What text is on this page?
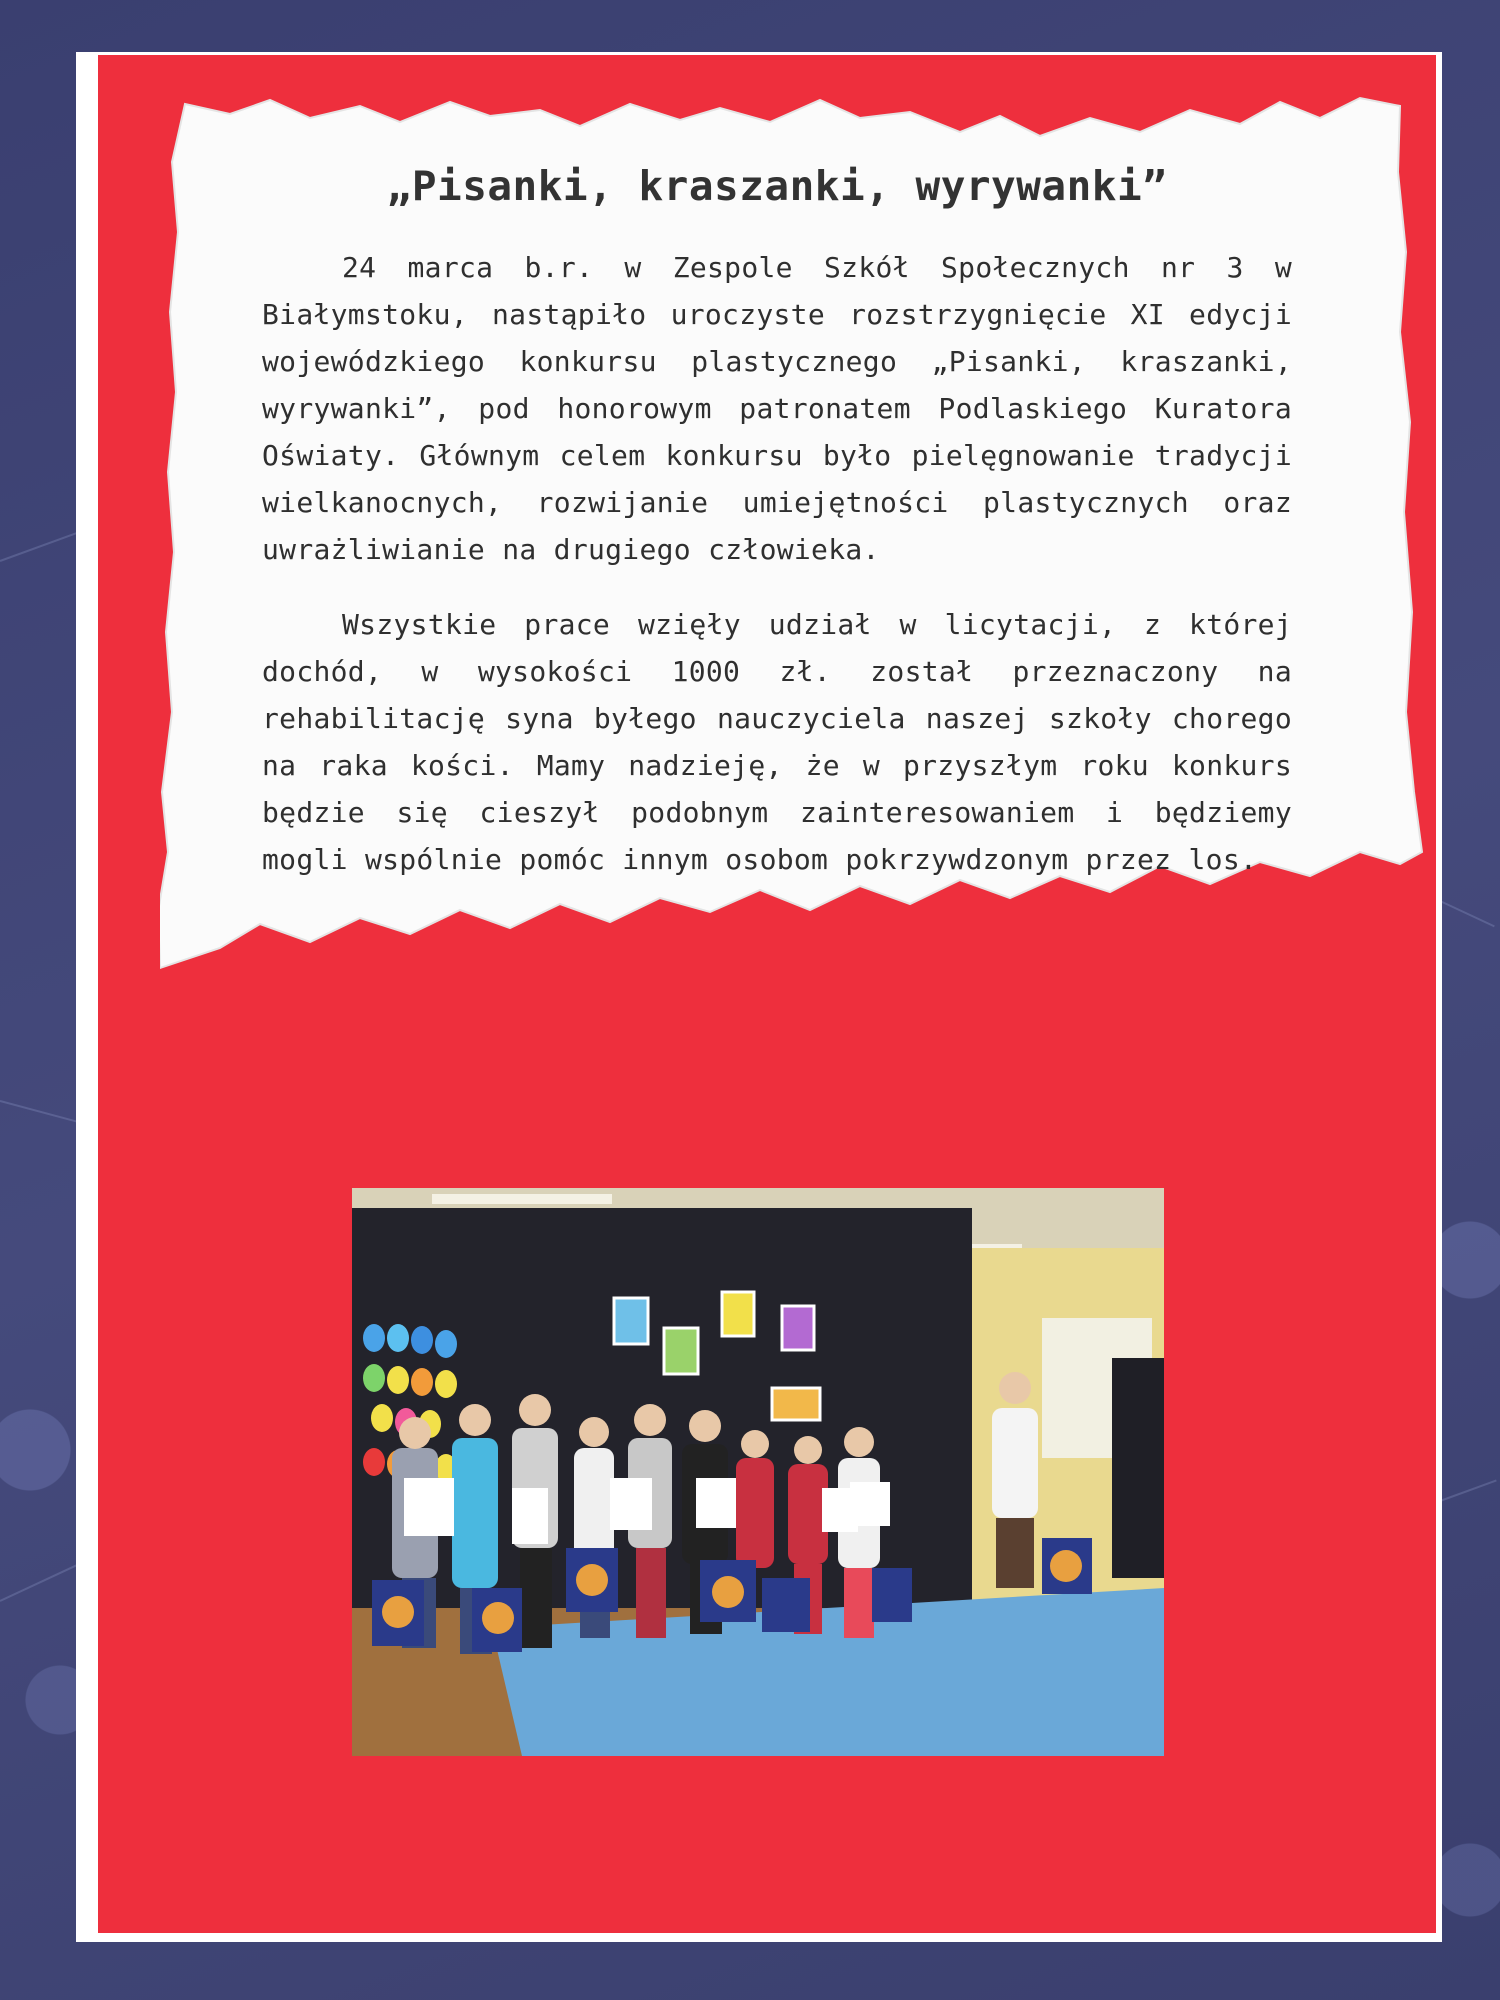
„Pisanki, kraszanki, wyrywanki”

24 marca b.r. w Zespole Szkół Społecznych nr 3 w Białymstoku, nastąpiło uroczyste rozstrzygnięcie XI edycji wojewódzkiego konkursu plastycznego „Pisanki, kraszanki, wyrywanki”, pod honorowym patronatem Podlaskiego Kuratora Oświaty. Głównym celem konkursu było pielęgnowanie tradycji wielkanocnych, rozwijanie umiejętności plastycznych oraz uwrażliwianie na drugiego człowieka.

Wszystkie prace wzięły udział w licytacji, z której dochód, w wysokości 1000 zł. został przeznaczony na rehabilitację syna byłego nauczyciela naszej szkoły chorego na raka kości. Mamy nadzieję, że w przyszłym roku konkurs będzie się cieszył podobnym zainteresowaniem i będziemy mogli wspólnie pomóc innym osobom pokrzywdzonym przez los.
